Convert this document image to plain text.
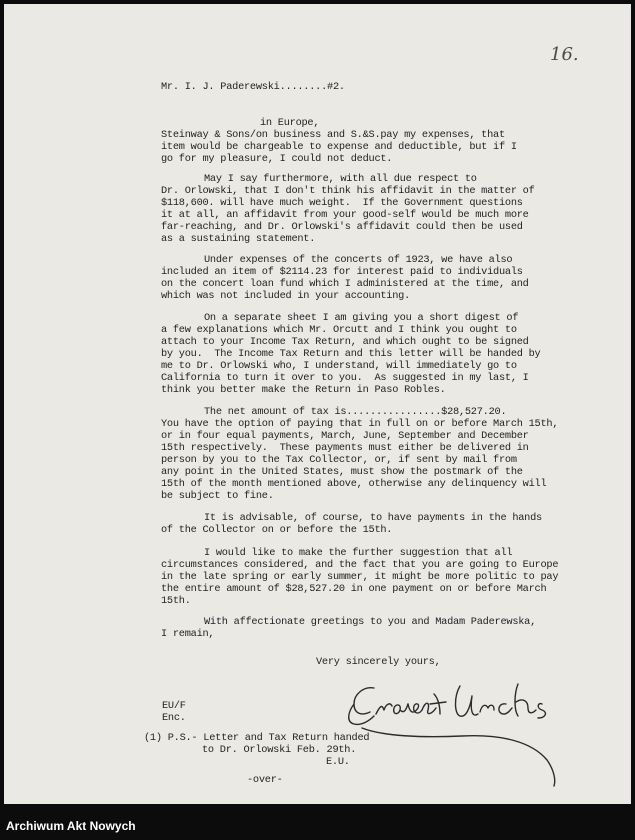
16.
Mr. I. J. Paderewski........#2.
in Europe,
Steinway & Sons/on business and S.&S.pay my expenses, that
item would be chargeable to expense and deductible, but if I
go for my pleasure, I could not deduct.
May I say furthermore, with all due respect to
Dr. Orlowski, that I don't think his affidavit in the matter of
$118,600. will have much weight.  If the Government questions
it at all, an affidavit from your good-self would be much more
far-reaching, and Dr. Orlowski's affidavit could then be used
as a sustaining statement.
Under expenses of the concerts of 1923, we have also
included an item of $2114.23 for interest paid to individuals
on the concert loan fund which I administered at the time, and
which was not included in your accounting.
On a separate sheet I am giving you a short digest of
a few explanations which Mr. Orcutt and I think you ought to
attach to your Income Tax Return, and which ought to be signed
by you.  The Income Tax Return and this letter will be handed by
me to Dr. Orlowski who, I understand, will immediately go to
California to turn it over to you.  As suggested in my last, I
think you better make the Return in Paso Robles.
The net amount of tax is................$28,527.20.
You have the option of paying that in full on or before March 15th,
or in four equal payments, March, June, September and December
15th respectively.  These payments must either be delivered in
person by you to the Tax Collector, or, if sent by mail from
any point in the United States, must show the postmark of the
15th of the month mentioned above, otherwise any delinquency will
be subject to fine.
It is advisable, of course, to have payments in the hands
of the Collector on or before the 15th.
I would like to make the further suggestion that all
circumstances considered, and the fact that you are going to Europe
in the late spring or early summer, it might be more politic to pay
the entire amount of $28,527.20 in one payment on or before March
15th.
With affectionate greetings to you and Madam Paderewska,
I remain,
Very sincerely yours,
Ernest Urchs
EU/F
Enc.
(1) P.S.- Letter and Tax Return handed
to Dr. Orlowski Feb. 29th.
E.U.
-over-
Archiwum Akt Nowych
